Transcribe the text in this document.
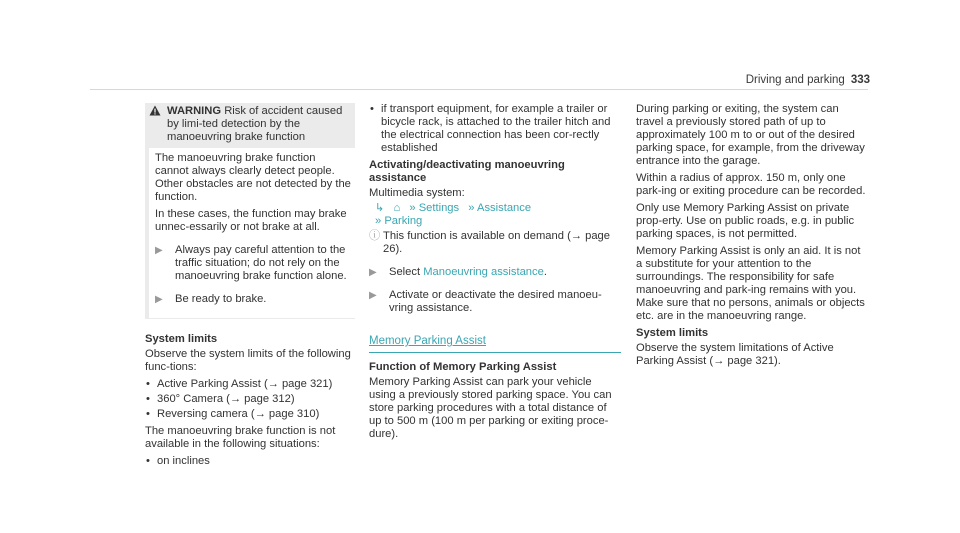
Driving and parking 333
WARNING Risk of accident caused by limi-ted detection by the manoeuvring brake function

The manoeuvring brake function cannot always clearly detect people. Other obstacles are not detected by the function.

In these cases, the function may brake unnec-essarily or not brake at all.

▶	Always pay careful attention to the traffic situation; do not rely on the manoeuvring brake function alone.
▶	Be ready to brake.
System limits

Observe the system limits of the following func-tions:

• Active Parking Assist (→ page 321)
• 360° Camera (→ page 312)
• Reversing camera (→ page 310)

The manoeuvring brake function is not available in the following situations:

• on inclines
• if transport equipment, for example a trailer or bicycle rack, is attached to the trailer hitch and the electrical connection has been cor-rectly established
Activating/deactivating manoeuvring assistance
Multimedia system:
↳ ⌂ » Settings » Assistance
» Parking
ⓘ This function is available on demand (→ page 26).
▶	Select Manoeuvring assistance.
▶	Activate or deactivate the desired manoeu-vring assistance.
Memory Parking Assist
Function of Memory Parking Assist

Memory Parking Assist can park your vehicle using a previously stored parking space. You can store parking procedures with a total distance of up to 500 m (100 m per parking or exiting proce-dure).

During parking or exiting, the system can travel a previously stored path of up to approximately 100 m to or out of the desired parking space, for example, from the driveway entrance into the garage.

Within a radius of approx. 150 m, only one park-ing or exiting procedure can be recorded.

Only use Memory Parking Assist on private prop-erty. Use on public roads, e.g. in public parking spaces, is not permitted.

Memory Parking Assist is only an aid. It is not a substitute for your attention to the surroundings. The responsibility for safe manoeuvring and park-ing remains with you. Make sure that no persons, animals or objects etc. are in the manoeuvring range.

System limits

Observe the system limitations of Active Parking Assist (→ page 321).
